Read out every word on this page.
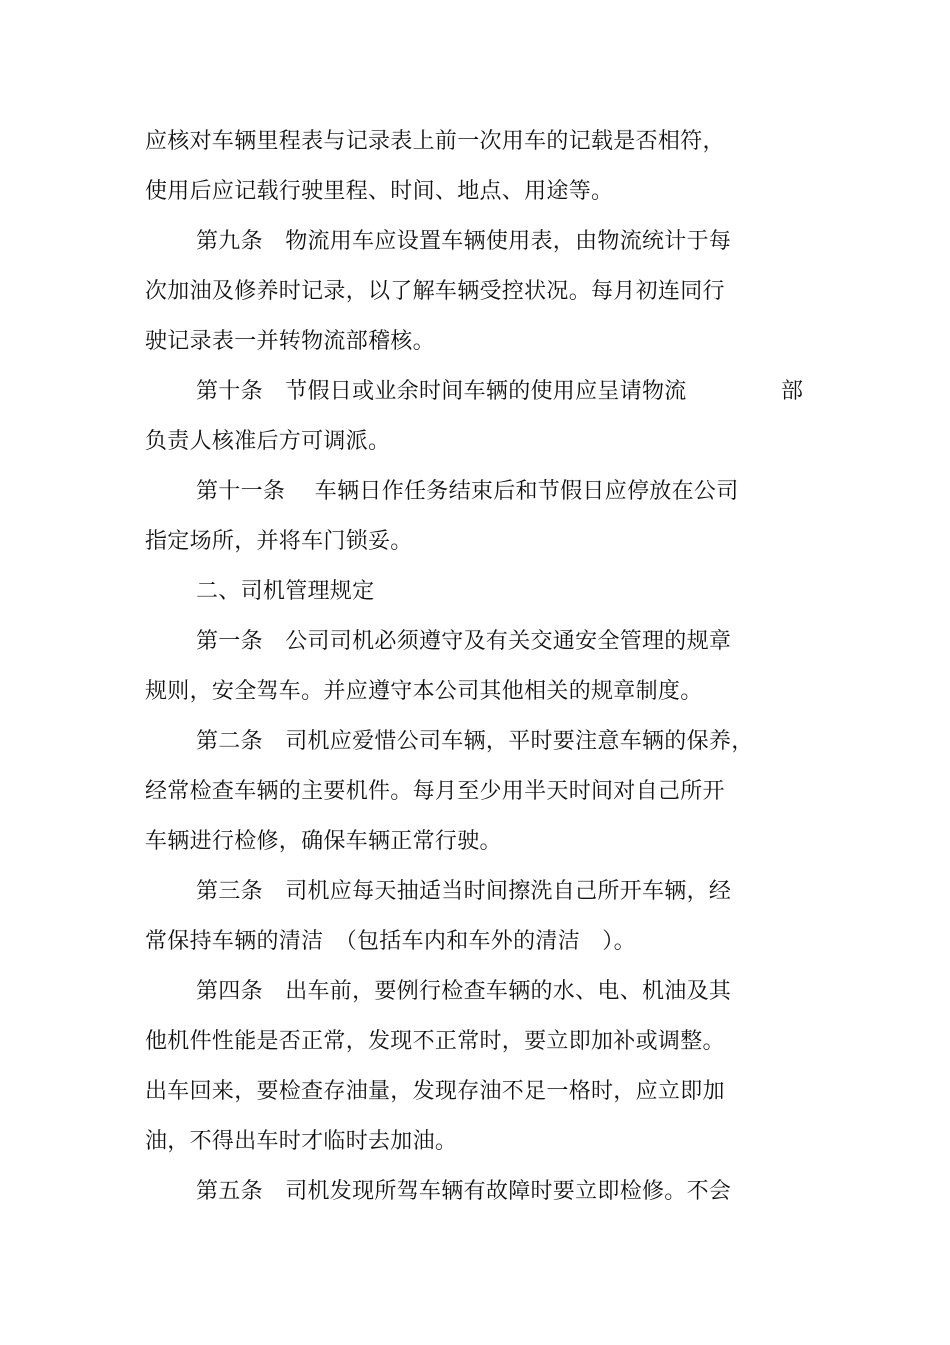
应核对车辆里程表与记录表上前一次用车的记载是否相符，
使用后应记载行驶里程、时间、地点、用途等。
第九条　物流用车应设置车辆使用表，由物流统计于每
次加油及修养时记录，以了解车辆受控状况。每月初连同行
驶记录表一并转物流部稽核。
第十条　节假日或业余时间车辆的使用应呈请物流	部
负责人核准后方可调派。
第十一条　 车辆日作任务结束后和节假日应停放在公司
指定场所，并将车门锁妥。
二、司机管理规定
第一条　公司司机必须遵守及有关交通安全管理的规章
规则，安全驾车。并应遵守本公司其他相关的规章制度。
第二条　司机应爱惜公司车辆，平时要注意车辆的保养，
经常检查车辆的主要机件。每月至少用半天时间对自己所开
车辆进行检修，确保车辆正常行驶。
第三条　司机应每天抽适当时间擦洗自己所开车辆，经
常保持车辆的清洁　（包括车内和车外的清洁　）。
第四条　出车前，要例行检查车辆的水、电、机油及其
他机件性能是否正常，发现不正常时，要立即加补或调整。
出车回来，要检查存油量，发现存油不足一格时，应立即加
油，不得出车时才临时去加油。
第五条　司机发现所驾车辆有故障时要立即检修。不会
